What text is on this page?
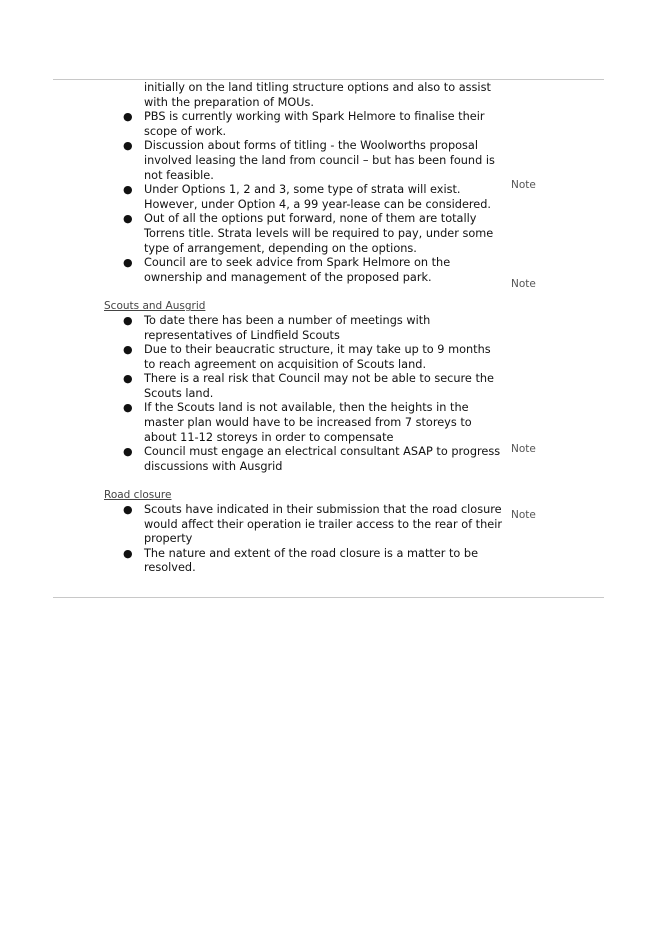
initially on the land titling structure options and also to assist with the preparation of MOUs.

● PBS is currently working with Spark Helmore to finalise their scope of work.

● Discussion about forms of titling - the Woolworths proposal involved leasing the land from council – but has been found is not feasible.

● Under Options 1, 2 and 3, some type of strata will exist. However, under Option 4, a 99 year-lease can be considered.

● Out of all the options put forward, none of them are totally Torrens title. Strata levels will be required to pay, under some type of arrangement, depending on the options.

● Council are to seek advice from Spark Helmore on the ownership and management of the proposed park.

Scouts and Ausgrid

● To date there has been a number of meetings with representatives of Lindfield Scouts

● Due to their beaucratic structure, it may take up to 9 months to reach agreement on acquisition of Scouts land.

● There is a real risk that Council may not be able to secure the Scouts land.

● If the Scouts land is not available, then the heights in the master plan would have to be increased from 7 storeys to about 11-12 storeys in order to compensate

● Council must engage an electrical consultant ASAP to progress discussions with Ausgrid

Road closure

● Scouts have indicated in their submission that the road closure would affect their operation ie trailer access to the rear of their property

● The nature and extent of the road closure is a matter to be resolved.

Note
Note
Note
Note
